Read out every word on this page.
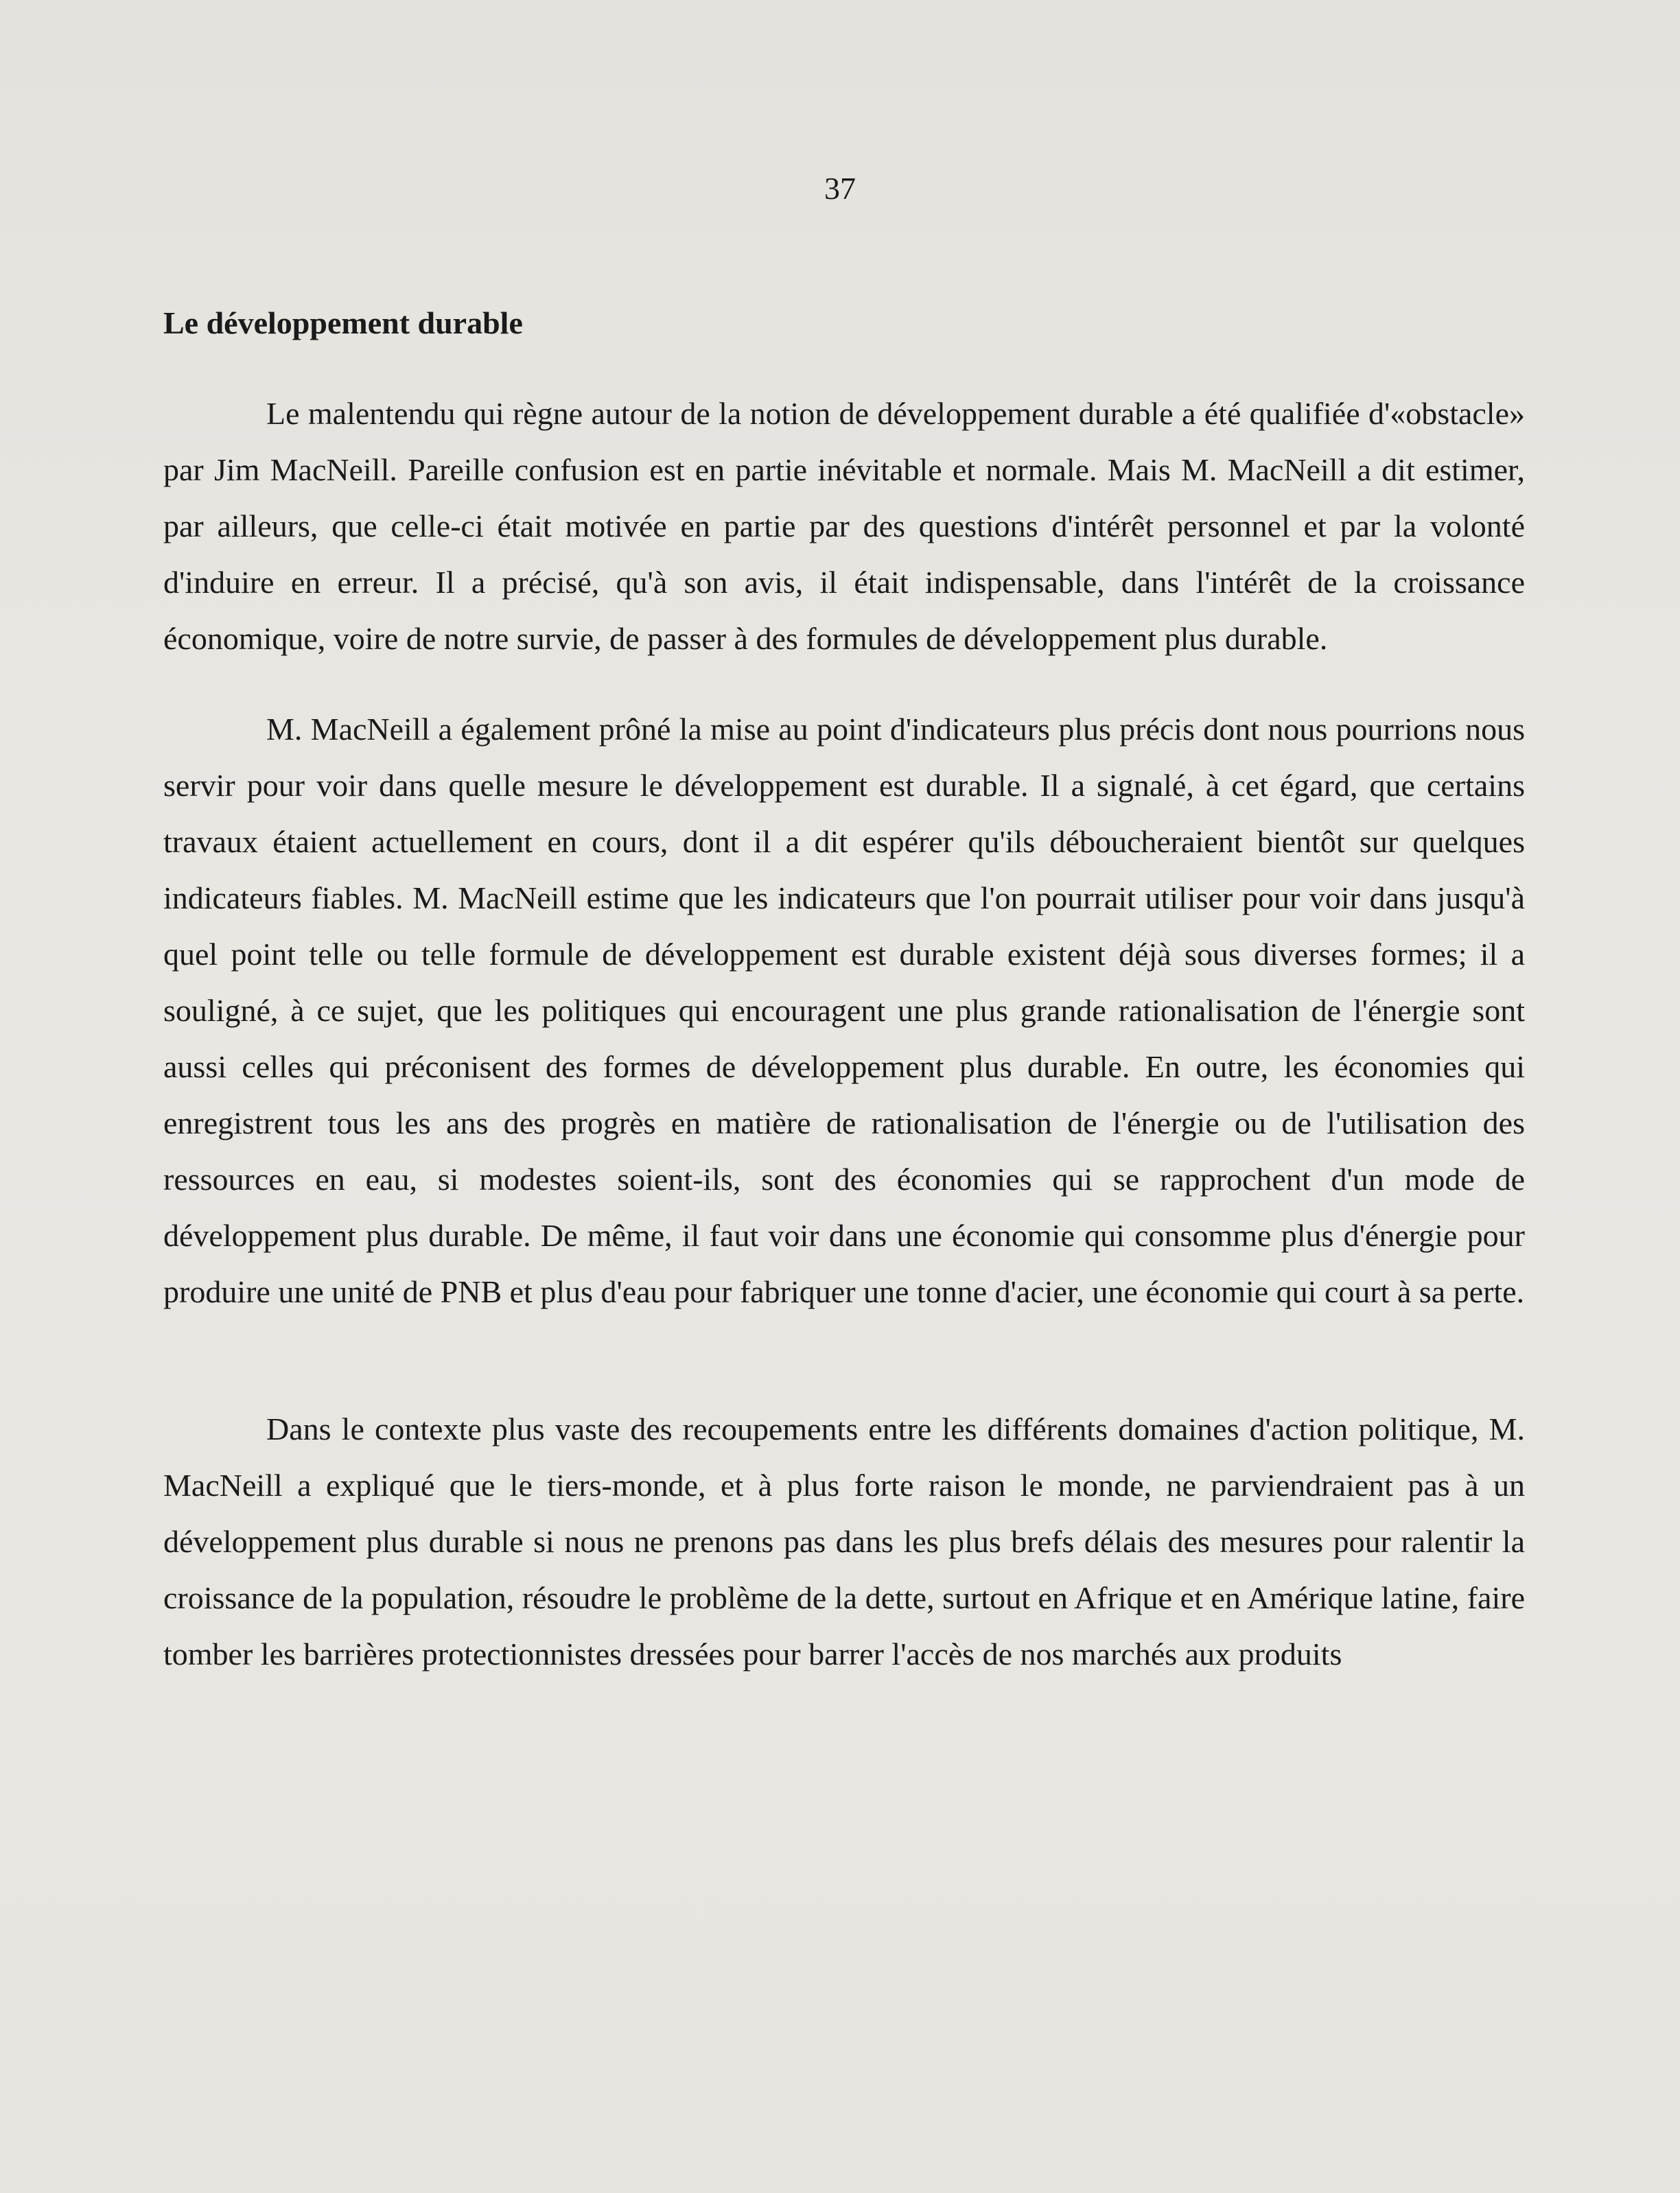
37
Le développement durable

Le malentendu qui règne autour de la notion de développement durable a été qualifiée d'«obstacle» par Jim MacNeill. Pareille confusion est en partie inévitable et normale. Mais M. MacNeill a dit estimer, par ailleurs, que celle-ci était motivée en partie par des questions d'intérêt personnel et par la volonté d'induire en erreur. Il a précisé, qu'à son avis, il était indispensable, dans l'intérêt de la croissance économique, voire de notre survie, de passer à des formules de développement plus durable.

M. MacNeill a également prôné la mise au point d'indicateurs plus précis dont nous pourrions nous servir pour voir dans quelle mesure le développement est durable. Il a signalé, à cet égard, que certains travaux étaient actuellement en cours, dont il a dit espérer qu'ils déboucheraient bientôt sur quelques indicateurs fiables. M. MacNeill estime que les indicateurs que l'on pourrait utiliser pour voir dans jusqu'à quel point telle ou telle formule de développement est durable existent déjà sous diverses formes; il a souligné, à ce sujet, que les politiques qui encouragent une plus grande rationalisation de l'énergie sont aussi celles qui préconisent des formes de développement plus durable. En outre, les économies qui enregistrent tous les ans des progrès en matière de rationalisation de l'énergie ou de l'utilisation des ressources en eau, si modestes soient-ils, sont des économies qui se rapprochent d'un mode de développement plus durable. De même, il faut voir dans une économie qui consomme plus d'énergie pour produire une unité de PNB et plus d'eau pour fabriquer une tonne d'acier, une économie qui court à sa perte.

Dans le contexte plus vaste des recoupements entre les différents domaines d'action politique, M. MacNeill a expliqué que le tiers-monde, et à plus forte raison le monde, ne parviendraient pas à un développement plus durable si nous ne prenons pas dans les plus brefs délais des mesures pour ralentir la croissance de la population, résoudre le problème de la dette, surtout en Afrique et en Amérique latine, faire tomber les barrières protectionnistes dressées pour barrer l'accès de nos marchés aux produits
